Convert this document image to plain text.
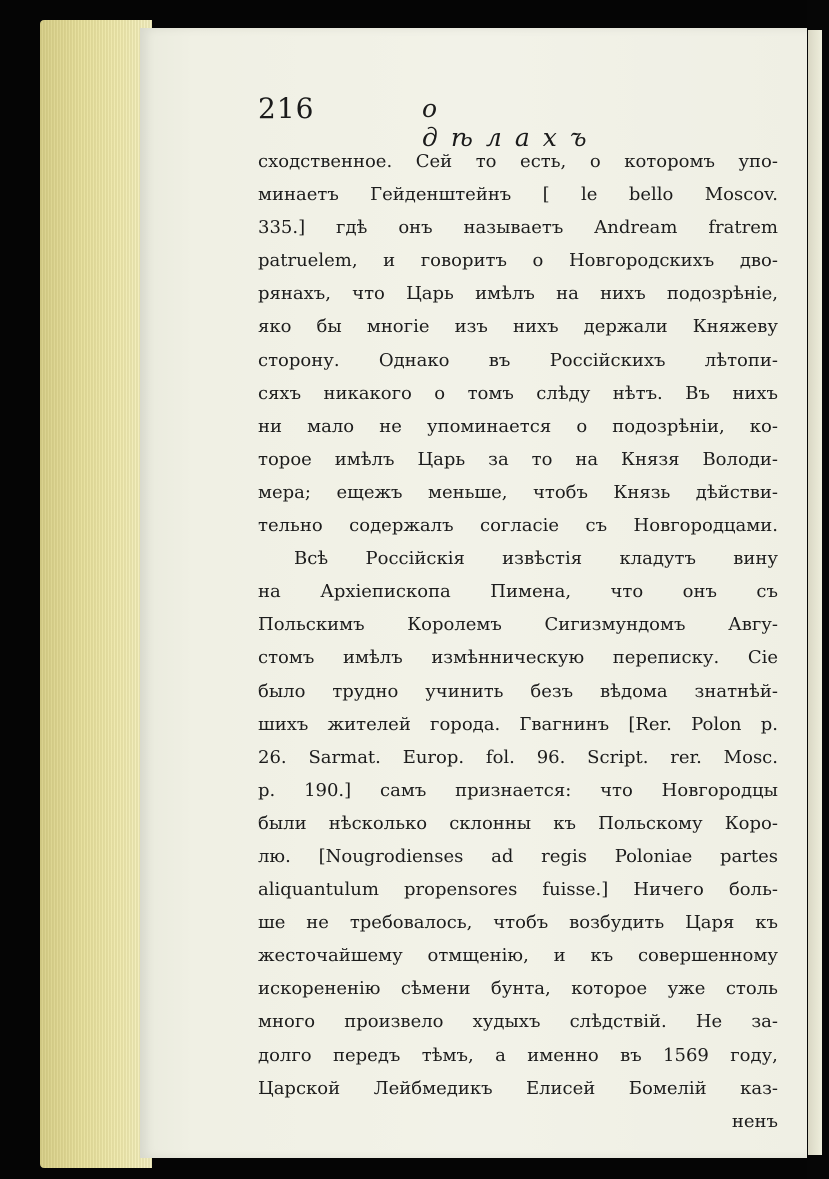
216	о дѣлахъ
сходственное. Сей то есть, о которомъ упо-
минаетъ Гейденштейнъ [ le bello Moscov.
335.] гдѣ онъ называетъ Andream fratrem
patruelem, и говоритъ о Новгородскихъ дво-
рянахъ, что Царь имѣлъ на нихъ подозрѣніе,
яко бы многіе изъ нихъ держали Княжеву
сторону. Однако въ Россійскихъ лѣтопи-
сяхъ никакого о томъ слѣду нѣтъ. Въ нихъ
ни мало не упоминается о подозрѣніи, ко-
торое имѣлъ Царь за то на Князя Володи-
мера; ещежъ меньше, чтобъ Князь дѣйстви-
тельно содержалъ согласіе съ Новгородцами.
Всѣ Россійскія извѣстія кладутъ вину
на Архіепископа Пимена, что онъ съ
Польскимъ Королемъ Сигизмундомъ Авгу-
стомъ имѣлъ измѣнническую переписку. Сіе
было трудно учинить безъ вѣдома знатнѣй-
шихъ жителей города. Гвагнинъ [Rer. Polon p.
26. Sarmat. Europ. fol. 96. Script. rer. Mosc.
p. 190.] самъ признается: что Новгородцы
были нѣсколько склонны къ Польскому Коро-
лю. [Nougrodienses ad regis Poloniae partes
aliquantulum propensores fuisse.] Ничего боль-
ше не требовалось, чтобъ возбудить Царя къ
жесточайшему отмщенію, и къ совершенному
искорененію сѣмени бунта, которое уже столь
много произвело худыхъ слѣдствій. Не за-
долго передъ тѣмъ, а именно въ 1569 году,
Царской Лейбмедикъ Елисей Бомелій каз-
ненъ
